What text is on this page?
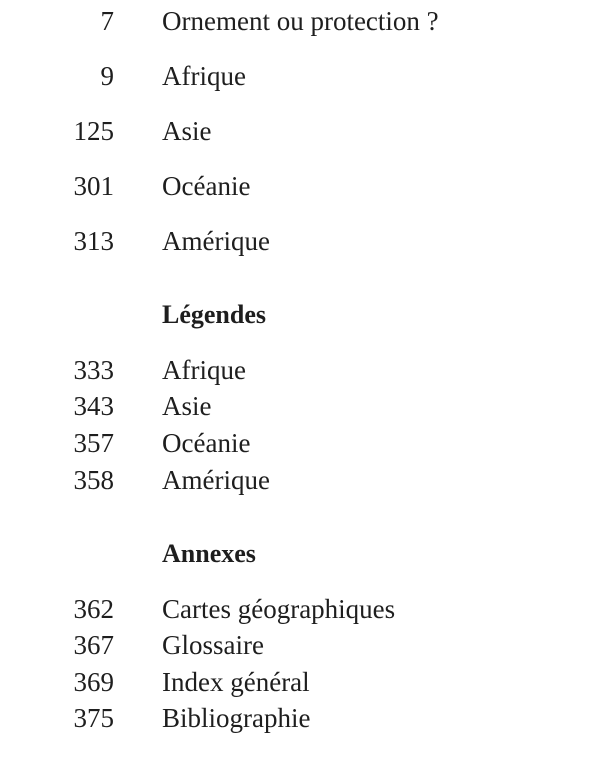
7 Ornement ou protection ?
9 Afrique
125 Asie
301 Océanie
313 Amérique
Légendes
333 Afrique
343 Asie
357 Océanie
358 Amérique
Annexes
362 Cartes géographiques
367 Glossaire
369 Index général
375 Bibliographie
